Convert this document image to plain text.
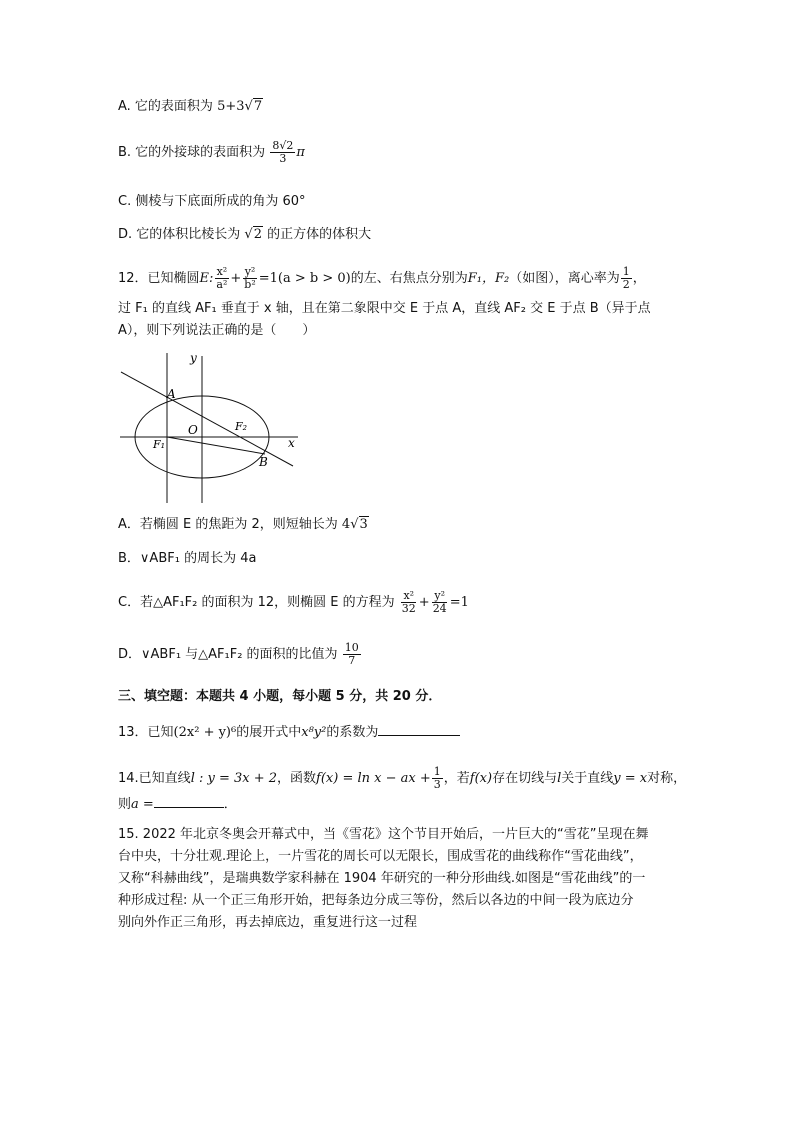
A. 它的表面积为 5+3√7
B. 它的外接球的表面积为 $\frac{8√2}{3}$ π
C. 侧棱与下底面所成的角为 60°
D. 它的体积比棱长为 √2 的正方体的体积大
12．已知椭圆E: $\frac{\text{x²}}{\text{a²}} + \frac{\text{y²}}{\text{b²}} =1(a > b > 0)$的左、右焦点分别为F₁，F₂（如图），离心率为 $\frac{1}{2}$ ，
过 F₁ 的直线 AF₁ 垂直于 x 轴，且在第二象限中交 E 于点 A，直线 AF₂ 交 E 于点 B（异于点
A），则下列说法正确的是（　　）
y
x
A
O	F₂
F₁
B
A．若椭圆 E 的焦距为 2，则短轴长为 4√3
B．∨ABF₁ 的周长为 4a
C．若△AF₁F₂ 的面积为 12，则椭圆 E 的方程为 $\frac{\text{x²}}{32} + \frac{\text{y²}}{24} =1$
D．∨ABF₁ 与△AF₁F₂ 的面积的比值为 $\frac{10}{7}$
三、填空题：本题共 4 小题，每小题 5 分，共 20 分．
13．已知(2x² + y)⁶的展开式中x⁸y²的系数为
14.已知直线l : y = 3x + 2，函数f(x) = ln x − ax + $\frac{1}{3}$ ，若f(x)存在切线与l关于直线y = x对称，
则a =	．
15. 2022 年北京冬奥会开幕式中，当《雪花》这个节目开始后，一片巨大的“雪花”呈现在舞
台中央，十分壮观.理论上，一片雪花的周长可以无限长，围成雪花的曲线称作“雪花曲线”，
又称“科赫曲线”，是瑞典数学家科赫在 1904 年研究的一种分形曲线.如图是“雪花曲线”的一
种形成过程: 从一个正三角形开始，把每条边分成三等份，然后以各边的中间一段为底边分
别向外作正三角形，再去掉底边，重复进行这一过程
